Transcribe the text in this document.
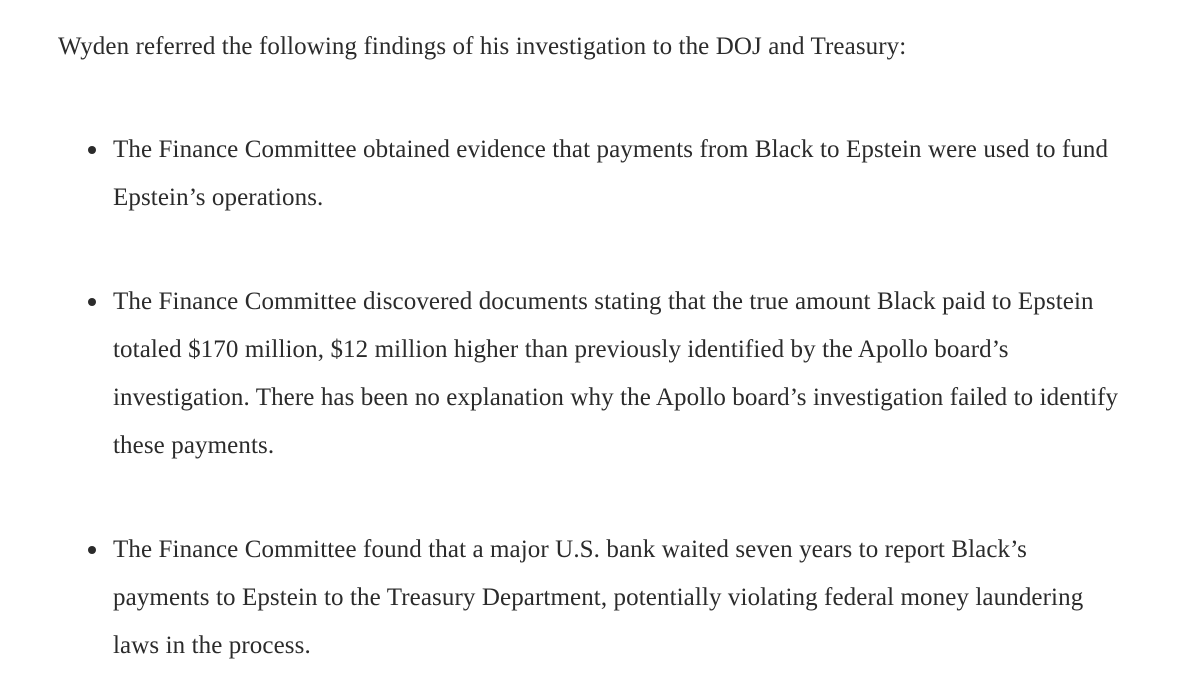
Wyden referred the following findings of his investigation to the DOJ and Treasury:

The Finance Committee obtained evidence that payments from Black to Epstein were used to fund Epstein’s operations.
The Finance Committee discovered documents stating that the true amount Black paid to Epstein totaled $170 million, $12 million higher than previously identified by the Apollo board’s investigation. There has been no explanation why the Apollo board’s investigation failed to identify these payments.
The Finance Committee found that a major U.S. bank waited seven years to report Black’s payments to Epstein to the Treasury Department, potentially violating federal money laundering laws in the process.
